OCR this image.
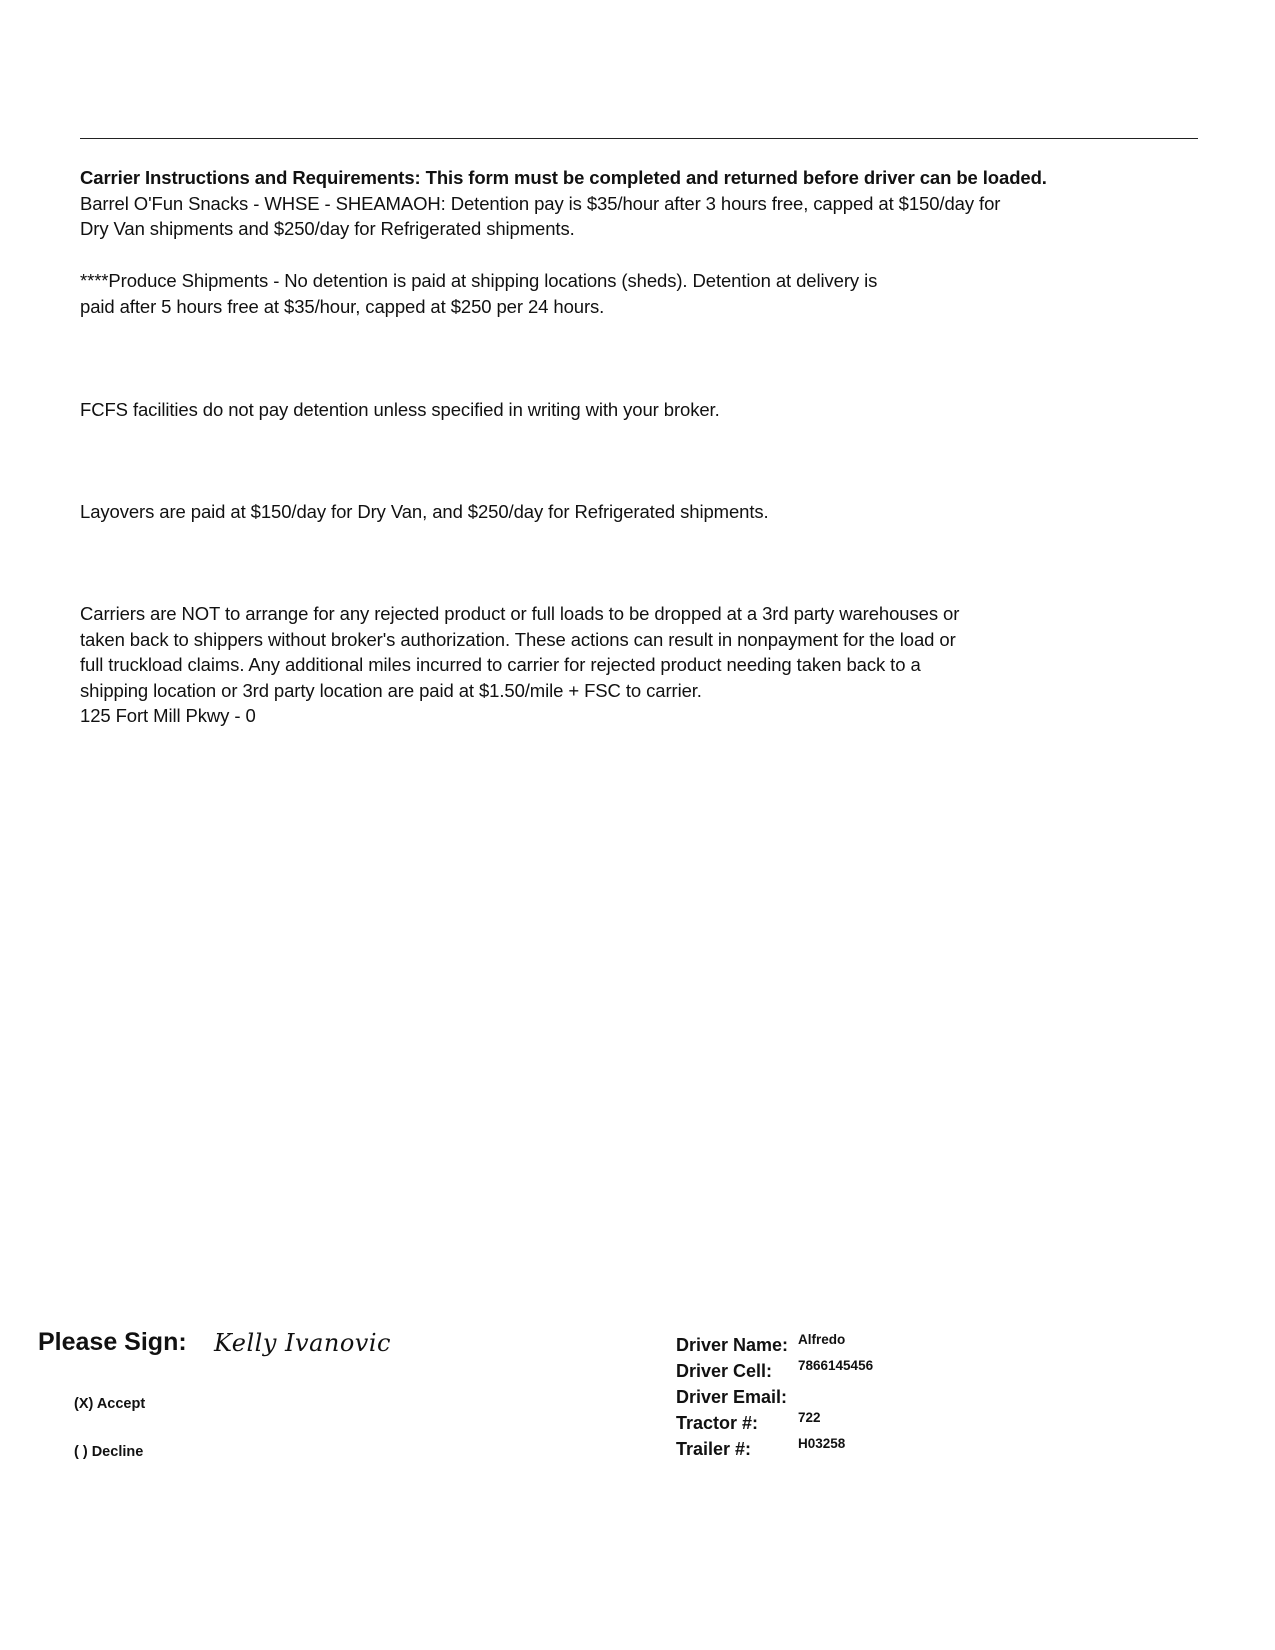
Carrier Instructions and Requirements: This form must be completed and returned before driver can be loaded.
Barrel O'Fun Snacks - WHSE - SHEAMAOH: Detention pay is $35/hour after 3 hours free, capped at $150/day for
Dry Van shipments and $250/day for Refrigerated shipments.
****Produce Shipments - No detention is paid at shipping locations (sheds). Detention at delivery is
paid after 5 hours free at $35/hour, capped at $250 per 24 hours.
FCFS facilities do not pay detention unless specified in writing with your broker.
Layovers are paid at $150/day for Dry Van, and $250/day for Refrigerated shipments.
Carriers are NOT to arrange for any rejected product or full loads to be dropped at a 3rd party warehouses or
taken back to shippers without broker's authorization. These actions can result in nonpayment for the load or
full truckload claims. Any additional miles incurred to carrier for rejected product needing taken back to a
shipping location or 3rd party location are paid at $1.50/mile + FSC to carrier.
125 Fort Mill Pkwy - 0
Please Sign: Kelly Ivanovic
(X) Accept
( ) Decline
Driver Name: Alfredo
Driver Cell: 7866145456
Driver Email:
Tractor #:	722
Trailer #:	H03258
